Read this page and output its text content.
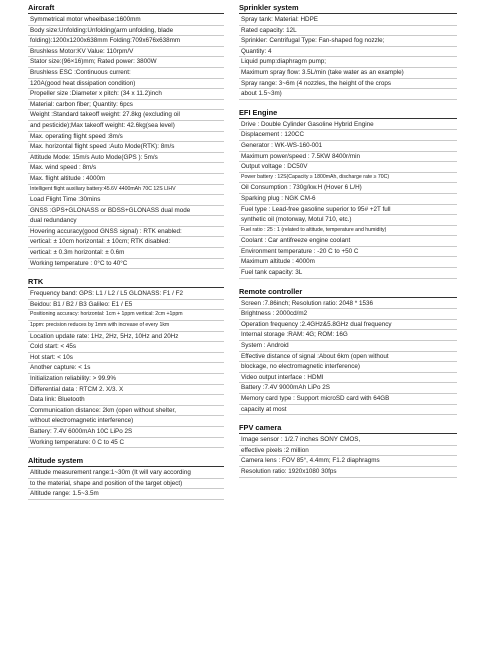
Aircraft
Symmetrical motor wheelbase:1600mm
Body size:Unfolding:Unfolding(arm unfolding, blade
folding):1200x1200x638mm Folding:709x676x638mm
Brushless Motor:KV Value: 110rpm/V
Stator size:(96×16)mm; Rated power: 3800W
Brushless ESC :Continuous current:
120A(good heat dissipation condition)
Propeller size :Diameter x pitch: (34 x 11.2)inch
Material: carbon fiber; Quantity: 6pcs
Weight :Standard takeoff weight: 27.8kg (excluding oil
and pesticide);Max takeoff weight: 42.6kg(sea level)
Max. operating flight speed :8m/s
Max. horizontal flight speed :Auto Mode(RTK): 8m/s
Attitude Mode: 15m/s Auto Mode(GPS ): 5m/s
Max. wind speed : 8m/s
Max. flight altitude : 4000m
Intelligent flight auxiliary battery:45.6V 4400mAh 70C 12S LIHV
Load Flight Time :30mins
GNSS :GPS+GLONASS or BDSS+GLONASS dual mode
dual redundancy
Hovering accuracy(good GNSS signal) : RTK enabled:
vertical: ± 10cm horizontal: ± 10cm; RTK disabled:
vertical: ± 0.3m horizontal: ± 0.6m
Working temperature : 0°C to 40°C
RTK
Frequency band: GPS: L1 / L2 / L5 GLONASS: F1 / F2
Beidou: B1 / B2 / B3 Galileo: E1 / E5
Positioning accuracy: horizontal: 1cm + 1ppm vertical: 2cm +1ppm
1ppm: precision reduces by 1mm with increase of every 1km
Location update rate: 1Hz, 2Hz, 5Hz, 10Hz and 20Hz
Cold start: < 45s
Hot start: < 10s
Another capture: < 1s
Initialization reliability: > 99.9%
Differential data : RTCM 2. X/3. X
Data link: Bluetooth
Communication distance: 2km (open without shelter,
without electromagnetic interference)
Battery: 7.4V 6000mAh 10C LiPo 2S
Working temperature: 0 C to 45 C
Altitude system
Altitude measurement range:1~30m (It will vary according
to the material, shape and position of the target object)
Altitude range: 1.5~3.5m
Sprinkler system
Spray tank: Material: HDPE
Rated capacity: 12L
Sprinkler: Centrifugal Type: Fan-shaped fog nozzle;
Quantity: 4
Liquid pump:diaphragm pump;
Maximum spray flow: 3.5L/min (take water as an example)
Spray range: 3~6m (4 nozzles, the height of the crops
about 1.5~3m)
EFI Engine
Drive : Double Cylinder Gasoline Hybrid Engine
Displacement : 120CC
Generator : WK-WS-160-001
Maximum power/speed : 7.5KW 8400r/min
Output voltage : DC50V
Power battery : 12S(Capacity ≥ 1800mAh, discharge rate ≥ 70C)
Oil Consumption : 730g/kw.H (Hover 6 L/H)
Sparking plug : NGK CM-6
Fuel type : Lead-free gasoline superior to 95# +2T full
synthetic oil (motorway, Motul 710, etc.)
Fuel ratio : 25 : 1 (related to altitude, temperature and humidity)
Coolant : Car antifreeze engine coolant
Environment temperature : -20 C to +50 C
Maximum altitude : 4000m
Fuel tank capacity: 3L
Remote controller
Screen :7.86inch; Resolution ratio: 2048 * 1536
Brightness : 2000cd/m2
Operation frequency :2.4GHz&5.8GHz dual frequency
Internal storage :RAM: 4G; ROM: 16G
System : Android
Effective distance of signal :About 6km (open without
blockage, no electromagnetic interference)
Video output interface : HDMI
Battery :7.4V 9000mAh LiPo 2S
Memory card type : Support microSD card with 64GB
capacity at most
FPV camera
Image sensor : 1/2.7 inches SONY CMOS,
effective pixels :2 million
Camera lens : FOV 85°, 4.4mm; F1.2 diaphragms
Resolution ratio: 1920x1080 30fps
